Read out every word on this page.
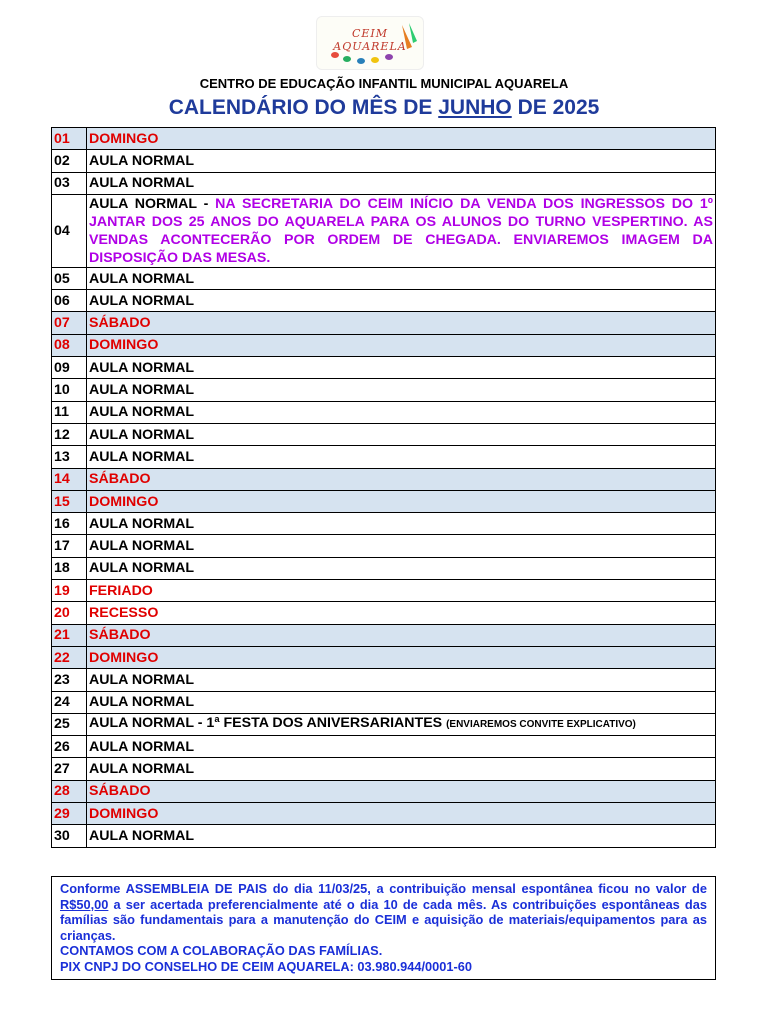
CEIM AQUARELA
CENTRO DE EDUCAÇÃO INFANTIL MUNICIPAL AQUARELA
CALENDÁRIO DO MÊS DE JUNHO DE 2025
01	DOMINGO
02	AULA NORMAL
03	AULA NORMAL
04	AULA NORMAL - NA SECRETARIA DO CEIM INÍCIO DA VENDA DOS INGRESSOS DO 1º JANTAR DOS 25 ANOS DO AQUARELA PARA OS ALUNOS DO TURNO VESPERTINO. AS VENDAS ACONTECERÃO POR ORDEM DE CHEGADA. ENVIAREMOS IMAGEM DA DISPOSIÇÃO DAS MESAS.
05	AULA NORMAL
06	AULA NORMAL
07	SÁBADO
08	DOMINGO
09	AULA NORMAL
10	AULA NORMAL
11	AULA NORMAL
12	AULA NORMAL
13	AULA NORMAL
14	SÁBADO
15	DOMINGO
16	AULA NORMAL
17	AULA NORMAL
18	AULA NORMAL
19	FERIADO
20	RECESSO
21	SÁBADO
22	DOMINGO
23	AULA NORMAL
24	AULA NORMAL
25	AULA NORMAL - 1ª FESTA DOS ANIVERSARIANTES (ENVIAREMOS CONVITE EXPLICATIVO)
26	AULA NORMAL
27	AULA NORMAL
28	SÁBADO
29	DOMINGO
30	AULA NORMAL

Conforme ASSEMBLEIA DE PAIS do dia 11/03/25, a contribuição mensal espontânea ficou no valor de R$50,00 a ser acertada preferencialmente até o dia 10 de cada mês. As contribuições espontâneas das famílias são fundamentais para a manutenção do CEIM e aquisição de materiais/equipamentos para as crianças.

CONTAMOS COM A COLABORAÇÃO DAS FAMÍLIAS.

PIX CNPJ DO CONSELHO DE CEIM AQUARELA: 03.980.944/0001-60
